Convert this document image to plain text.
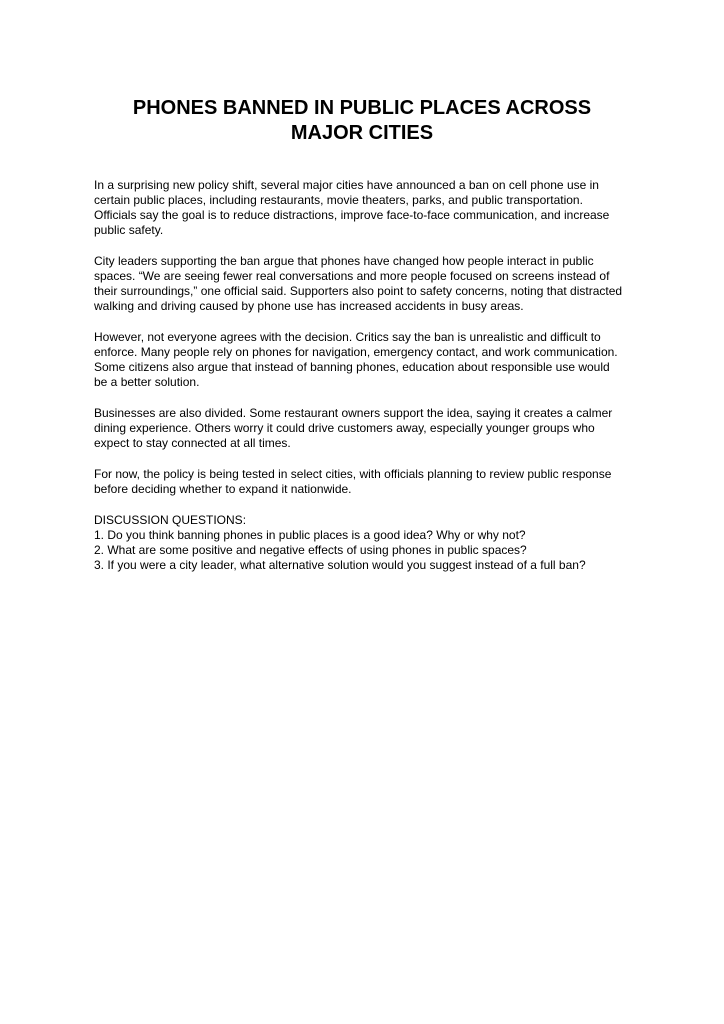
PHONES BANNED IN PUBLIC PLACES ACROSS
MAJOR CITIES

In a surprising new policy shift, several major cities have announced a ban on cell phone use in
certain public places, including restaurants, movie theaters, parks, and public transportation.
Officials say the goal is to reduce distractions, improve face-to-face communication, and increase
public safety.

City leaders supporting the ban argue that phones have changed how people interact in public
spaces. “We are seeing fewer real conversations and more people focused on screens instead of
their surroundings,” one official said. Supporters also point to safety concerns, noting that distracted
walking and driving caused by phone use has increased accidents in busy areas.

However, not everyone agrees with the decision. Critics say the ban is unrealistic and difficult to
enforce. Many people rely on phones for navigation, emergency contact, and work communication.
Some citizens also argue that instead of banning phones, education about responsible use would
be a better solution.

Businesses are also divided. Some restaurant owners support the idea, saying it creates a calmer
dining experience. Others worry it could drive customers away, especially younger groups who
expect to stay connected at all times.

For now, the policy is being tested in select cities, with officials planning to review public response
before deciding whether to expand it nationwide.

DISCUSSION QUESTIONS:
1. Do you think banning phones in public places is a good idea? Why or why not?
2. What are some positive and negative effects of using phones in public spaces?
3. If you were a city leader, what alternative solution would you suggest instead of a full ban?
